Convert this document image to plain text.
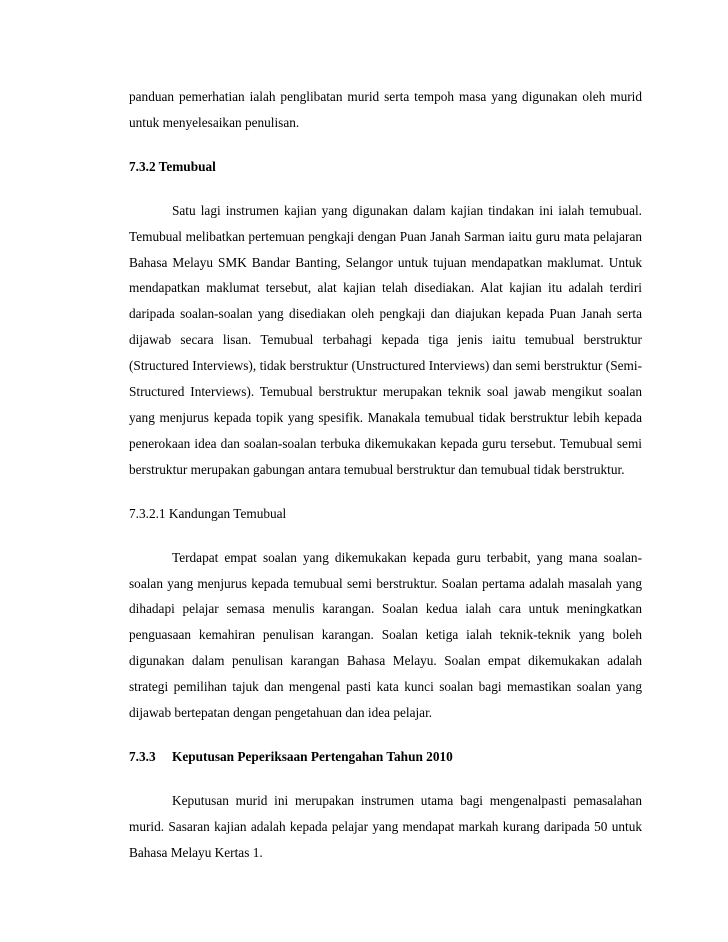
panduan pemerhatian ialah penglibatan murid serta tempoh masa yang digunakan oleh murid untuk menyelesaikan penulisan.

7.3.2 Temubual

Satu lagi instrumen kajian yang digunakan dalam kajian tindakan ini ialah temubual. Temubual melibatkan pertemuan pengkaji dengan Puan Janah Sarman iaitu guru mata pelajaran Bahasa Melayu SMK Bandar Banting, Selangor untuk tujuan mendapatkan maklumat. Untuk mendapatkan maklumat tersebut, alat kajian telah disediakan. Alat kajian itu adalah terdiri daripada soalan-soalan yang disediakan oleh pengkaji dan diajukan kepada Puan Janah serta dijawab secara lisan. Temubual terbahagi kepada tiga jenis iaitu temubual berstruktur (Structured Interviews), tidak berstruktur (Unstructured Interviews) dan semi berstruktur (Semi-Structured Interviews). Temubual berstruktur merupakan teknik soal jawab mengikut soalan yang menjurus kepada topik yang spesifik. Manakala temubual tidak berstruktur lebih kepada penerokaan idea dan soalan-soalan terbuka dikemukakan kepada guru tersebut. Temubual semi berstruktur merupakan gabungan antara temubual berstruktur dan temubual tidak berstruktur.

7.3.2.1 Kandungan Temubual

Terdapat empat soalan yang dikemukakan kepada guru terbabit, yang mana soalan-soalan yang menjurus kepada temubual semi berstruktur. Soalan pertama adalah masalah yang dihadapi pelajar semasa menulis karangan. Soalan kedua ialah cara untuk meningkatkan penguasaan kemahiran penulisan karangan. Soalan ketiga ialah teknik-teknik yang boleh digunakan dalam penulisan karangan Bahasa Melayu. Soalan empat dikemukakan adalah strategi pemilihan tajuk dan mengenal pasti kata kunci soalan bagi memastikan soalan yang dijawab bertepatan dengan pengetahuan dan idea pelajar.

7.3.3 Keputusan Peperiksaan Pertengahan Tahun 2010

Keputusan murid ini merupakan instrumen utama bagi mengenalpasti pemasalahan murid. Sasaran kajian adalah kepada pelajar yang mendapat markah kurang daripada 50 untuk Bahasa Melayu Kertas 1.
